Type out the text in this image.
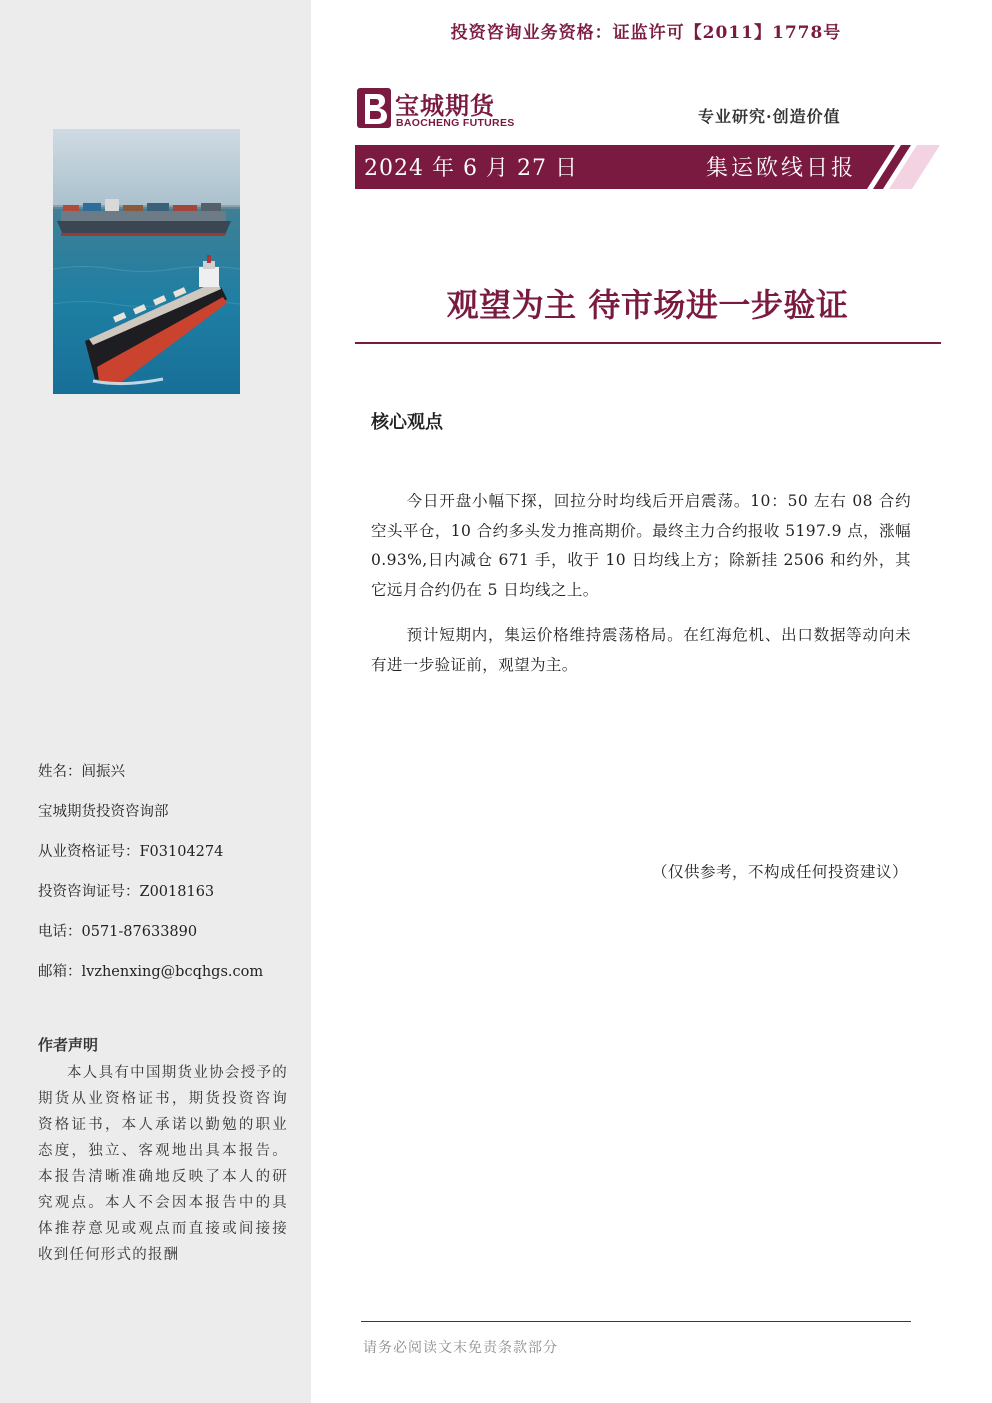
姓名：闾振兴
宝城期货投资咨询部
从业资格证号：F03104274
投资咨询证号：Z0018163
电话：0571-87633890
邮箱：lvzhenxing@bcqhgs.com
作者声明
本人具有中国期货业协会授予的期货从业资格证书，期货投资咨询资格证书，本人承诺以勤勉的职业态度，独立、客观地出具本报告。本报告清晰准确地反映了本人的研究观点。本人不会因本报告中的具体推荐意见或观点而直接或间接接收到任何形式的报酬
投资咨询业务资格：证监许可【2011】1778号
宝城期货
BAOCHENG FUTURES	专业研究·创造价值
2024 年 6 月 27 日	集运欧线日报
观望为主 待市场进一步验证
核心观点
今日开盘小幅下探，回拉分时均线后开启震荡。10：50 左右 08 合约空头平仓，10 合约多头发力推高期价。最终主力合约报收 5197.9 点，涨幅 0.93%,日内减仓 671 手，收于 10 日均线上方；除新挂 2506 和约外，其它远月合约仍在 5 日均线之上。
预计短期内，集运价格维持震荡格局。在红海危机、出口数据等动向未有进一步验证前，观望为主。
（仅供参考，不构成任何投资建议）
请务必阅读文末免责条款部分
